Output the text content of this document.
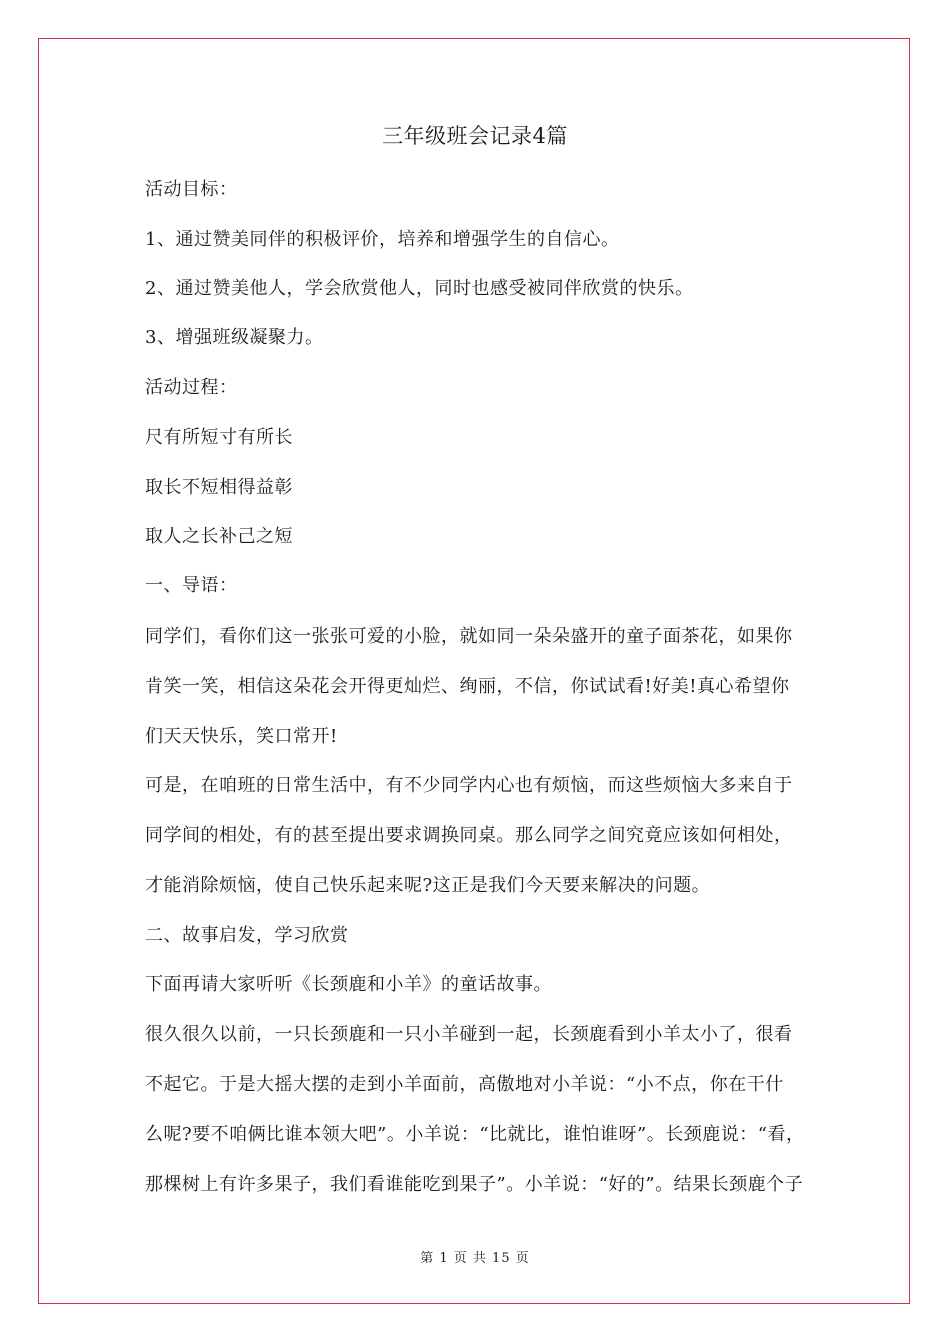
三年级班会记录4篇
活动目标：
1、通过赞美同伴的积极评价，培养和增强学生的自信心。
2、通过赞美他人，学会欣赏他人，同时也感受被同伴欣赏的快乐。
3、增强班级凝聚力。
活动过程：
尺有所短寸有所长
取长不短相得益彰
取人之长补己之短
一、导语：
同学们，看你们这一张张可爱的小脸，就如同一朵朵盛开的童子面茶花，如果你
肯笑一笑，相信这朵花会开得更灿烂、绚丽，不信，你试试看!好美!真心希望你
们天天快乐，笑口常开!
可是，在咱班的日常生活中，有不少同学内心也有烦恼，而这些烦恼大多来自于
同学间的相处，有的甚至提出要求调换同桌。那么同学之间究竟应该如何相处，
才能消除烦恼，使自己快乐起来呢?这正是我们今天要来解决的问题。
二、故事启发，学习欣赏
下面再请大家听听《长颈鹿和小羊》的童话故事。
很久很久以前，一只长颈鹿和一只小羊碰到一起，长颈鹿看到小羊太小了，很看
不起它。于是大摇大摆的走到小羊面前，高傲地对小羊说：“小不点，你在干什
么呢?要不咱俩比谁本领大吧”。小羊说：“比就比，谁怕谁呀”。长颈鹿说：“看，
那棵树上有许多果子，我们看谁能吃到果子”。小羊说：“好的”。结果长颈鹿个子
第 1 页 共 15 页
